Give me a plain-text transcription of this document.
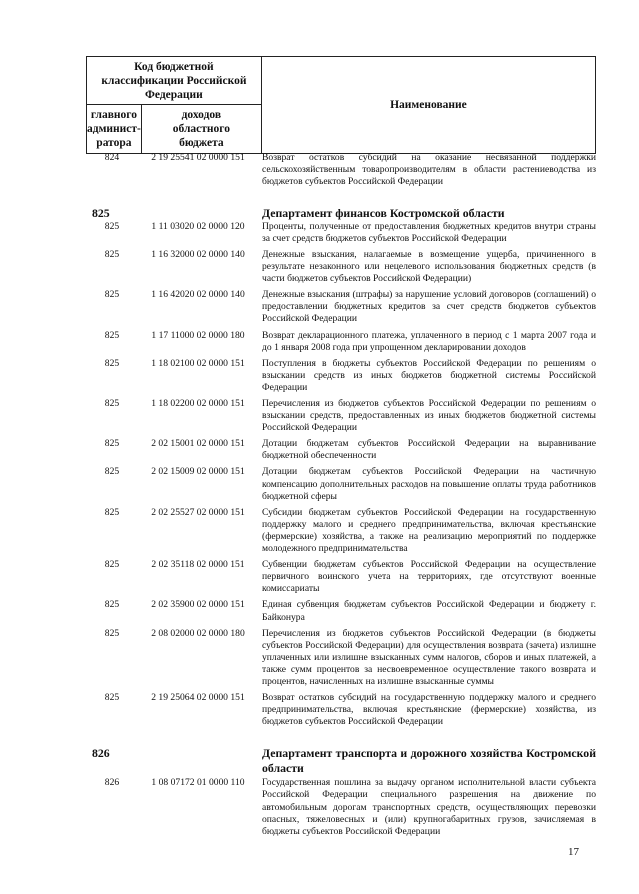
Код бюджетной классификации Российской Федерации		Наименование
главного админист-ратора	доходов областного бюджета	
824	2 19 25541 02 0000 151	Возврат остатков субсидий на оказание несвязанной поддержки сельскохозяйственным товаропроизводителям в области растениеводства из бюджетов субъектов Российской Федерации
825	Департамент финансов Костромской области
825	1 11 03020 02 0000 120	Проценты, полученные от предоставления бюджетных кредитов внутри страны за счет средств бюджетов субъектов Российской Федерации
825	1 16 32000 02 0000 140	Денежные взыскания, налагаемые в возмещение ущерба, причиненного в результате незаконного или нецелевого использования бюджетных средств (в части бюджетов субъектов Российской Федерации)
825	1 16 42020 02 0000 140	Денежные взыскания (штрафы) за нарушение условий договоров (соглашений) о предоставлении бюджетных кредитов за счет средств бюджетов субъектов Российской Федерации
825	1 17 11000 02 0000 180	Возврат декларационного платежа, уплаченного в период с 1 марта 2007 года и до 1 января 2008 года при упрощенном декларировании доходов
825	1 18 02100 02 0000 151	Поступления в бюджеты субъектов Российской Федерации по решениям о взыскании средств из иных бюджетов бюджетной системы Российской Федерации
825	1 18 02200 02 0000 151	Перечисления из бюджетов субъектов Российской Федерации по решениям о взыскании средств, предоставленных из иных бюджетов бюджетной системы Российской Федерации
825	2 02 15001 02 0000 151	Дотации бюджетам субъектов Российской Федерации на выравнивание бюджетной обеспеченности
825	2 02 15009 02 0000 151	Дотации бюджетам субъектов Российской Федерации на частичную компенсацию дополнительных расходов на повышение оплаты труда работников бюджетной сферы
825	2 02 25527 02 0000 151	Субсидии бюджетам субъектов Российской Федерации на государственную поддержку малого и среднего предпринимательства, включая крестьянские (фермерские) хозяйства, а также на реализацию мероприятий по поддержке молодежного предпринимательства
825	2 02 35118 02 0000 151	Субвенции бюджетам субъектов Российской Федерации на осуществление первичного воинского учета на территориях, где отсутствуют военные комиссариаты
825	2 02 35900 02 0000 151	Единая субвенция бюджетам субъектов Российской Федерации и бюджету г. Байконура
825	2 08 02000 02 0000 180	Перечисления из бюджетов субъектов Российской Федерации (в бюджеты субъектов Российской Федерации) для осуществления возврата (зачета) излишне уплаченных или излишне взысканных сумм налогов, сборов и иных платежей, а также сумм процентов за несвоевременное осуществление такого возврата и процентов, начисленных на излишне взысканные суммы
825	2 19 25064 02 0000 151	Возврат остатков субсидий на государственную поддержку малого и среднего предпринимательства, включая крестьянские (фермерские) хозяйства, из бюджетов субъектов Российской Федерации
826	Департамент транспорта и дорожного хозяйства Костромской области
826	1 08 07172 01 0000 110	Государственная пошлина за выдачу органом исполнительной власти субъекта Российской Федерации специального разрешения на движение по автомобильным дорогам транспортных средств, осуществляющих перевозки опасных, тяжеловесных и (или) крупногабаритных грузов, зачисляемая в бюджеты субъектов Российской Федерации
17
